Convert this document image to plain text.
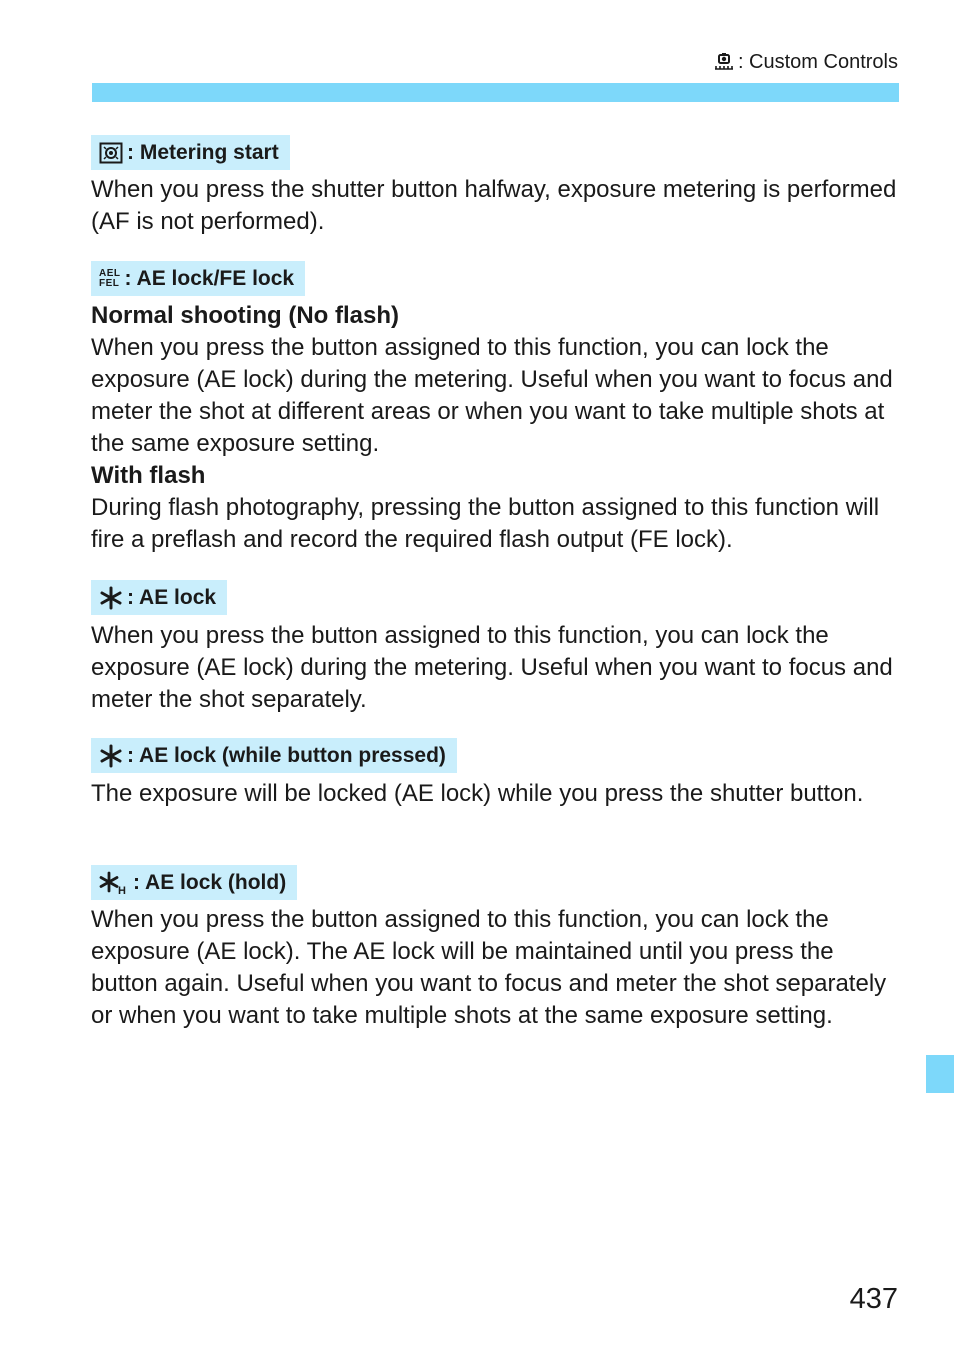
: Custom Controls
: Metering start

When you press the shutter button halfway, exposure metering is performed (AF is not performed).

AEL
FEL : AE lock/FE lock

Normal shooting (No flash)

When you press the button assigned to this function, you can lock the exposure (AE lock) during the metering. Useful when you want to focus and meter the shot at different areas or when you want to take multiple shots at the same exposure setting.

With flash

During flash photography, pressing the button assigned to this function will fire a preflash and record the required flash output (FE lock).

: AE lock

When you press the button assigned to this function, you can lock the exposure (AE lock) during the metering. Useful when you want to focus and meter the shot separately.

: AE lock (while button pressed)

The exposure will be locked (AE lock) while you press the shutter button.

H : AE lock (hold)

When you press the button assigned to this function, you can lock the exposure (AE lock). The AE lock will be maintained until you press the button again. Useful when you want to focus and meter the shot separately or when you want to take multiple shots at the same exposure setting.

437
